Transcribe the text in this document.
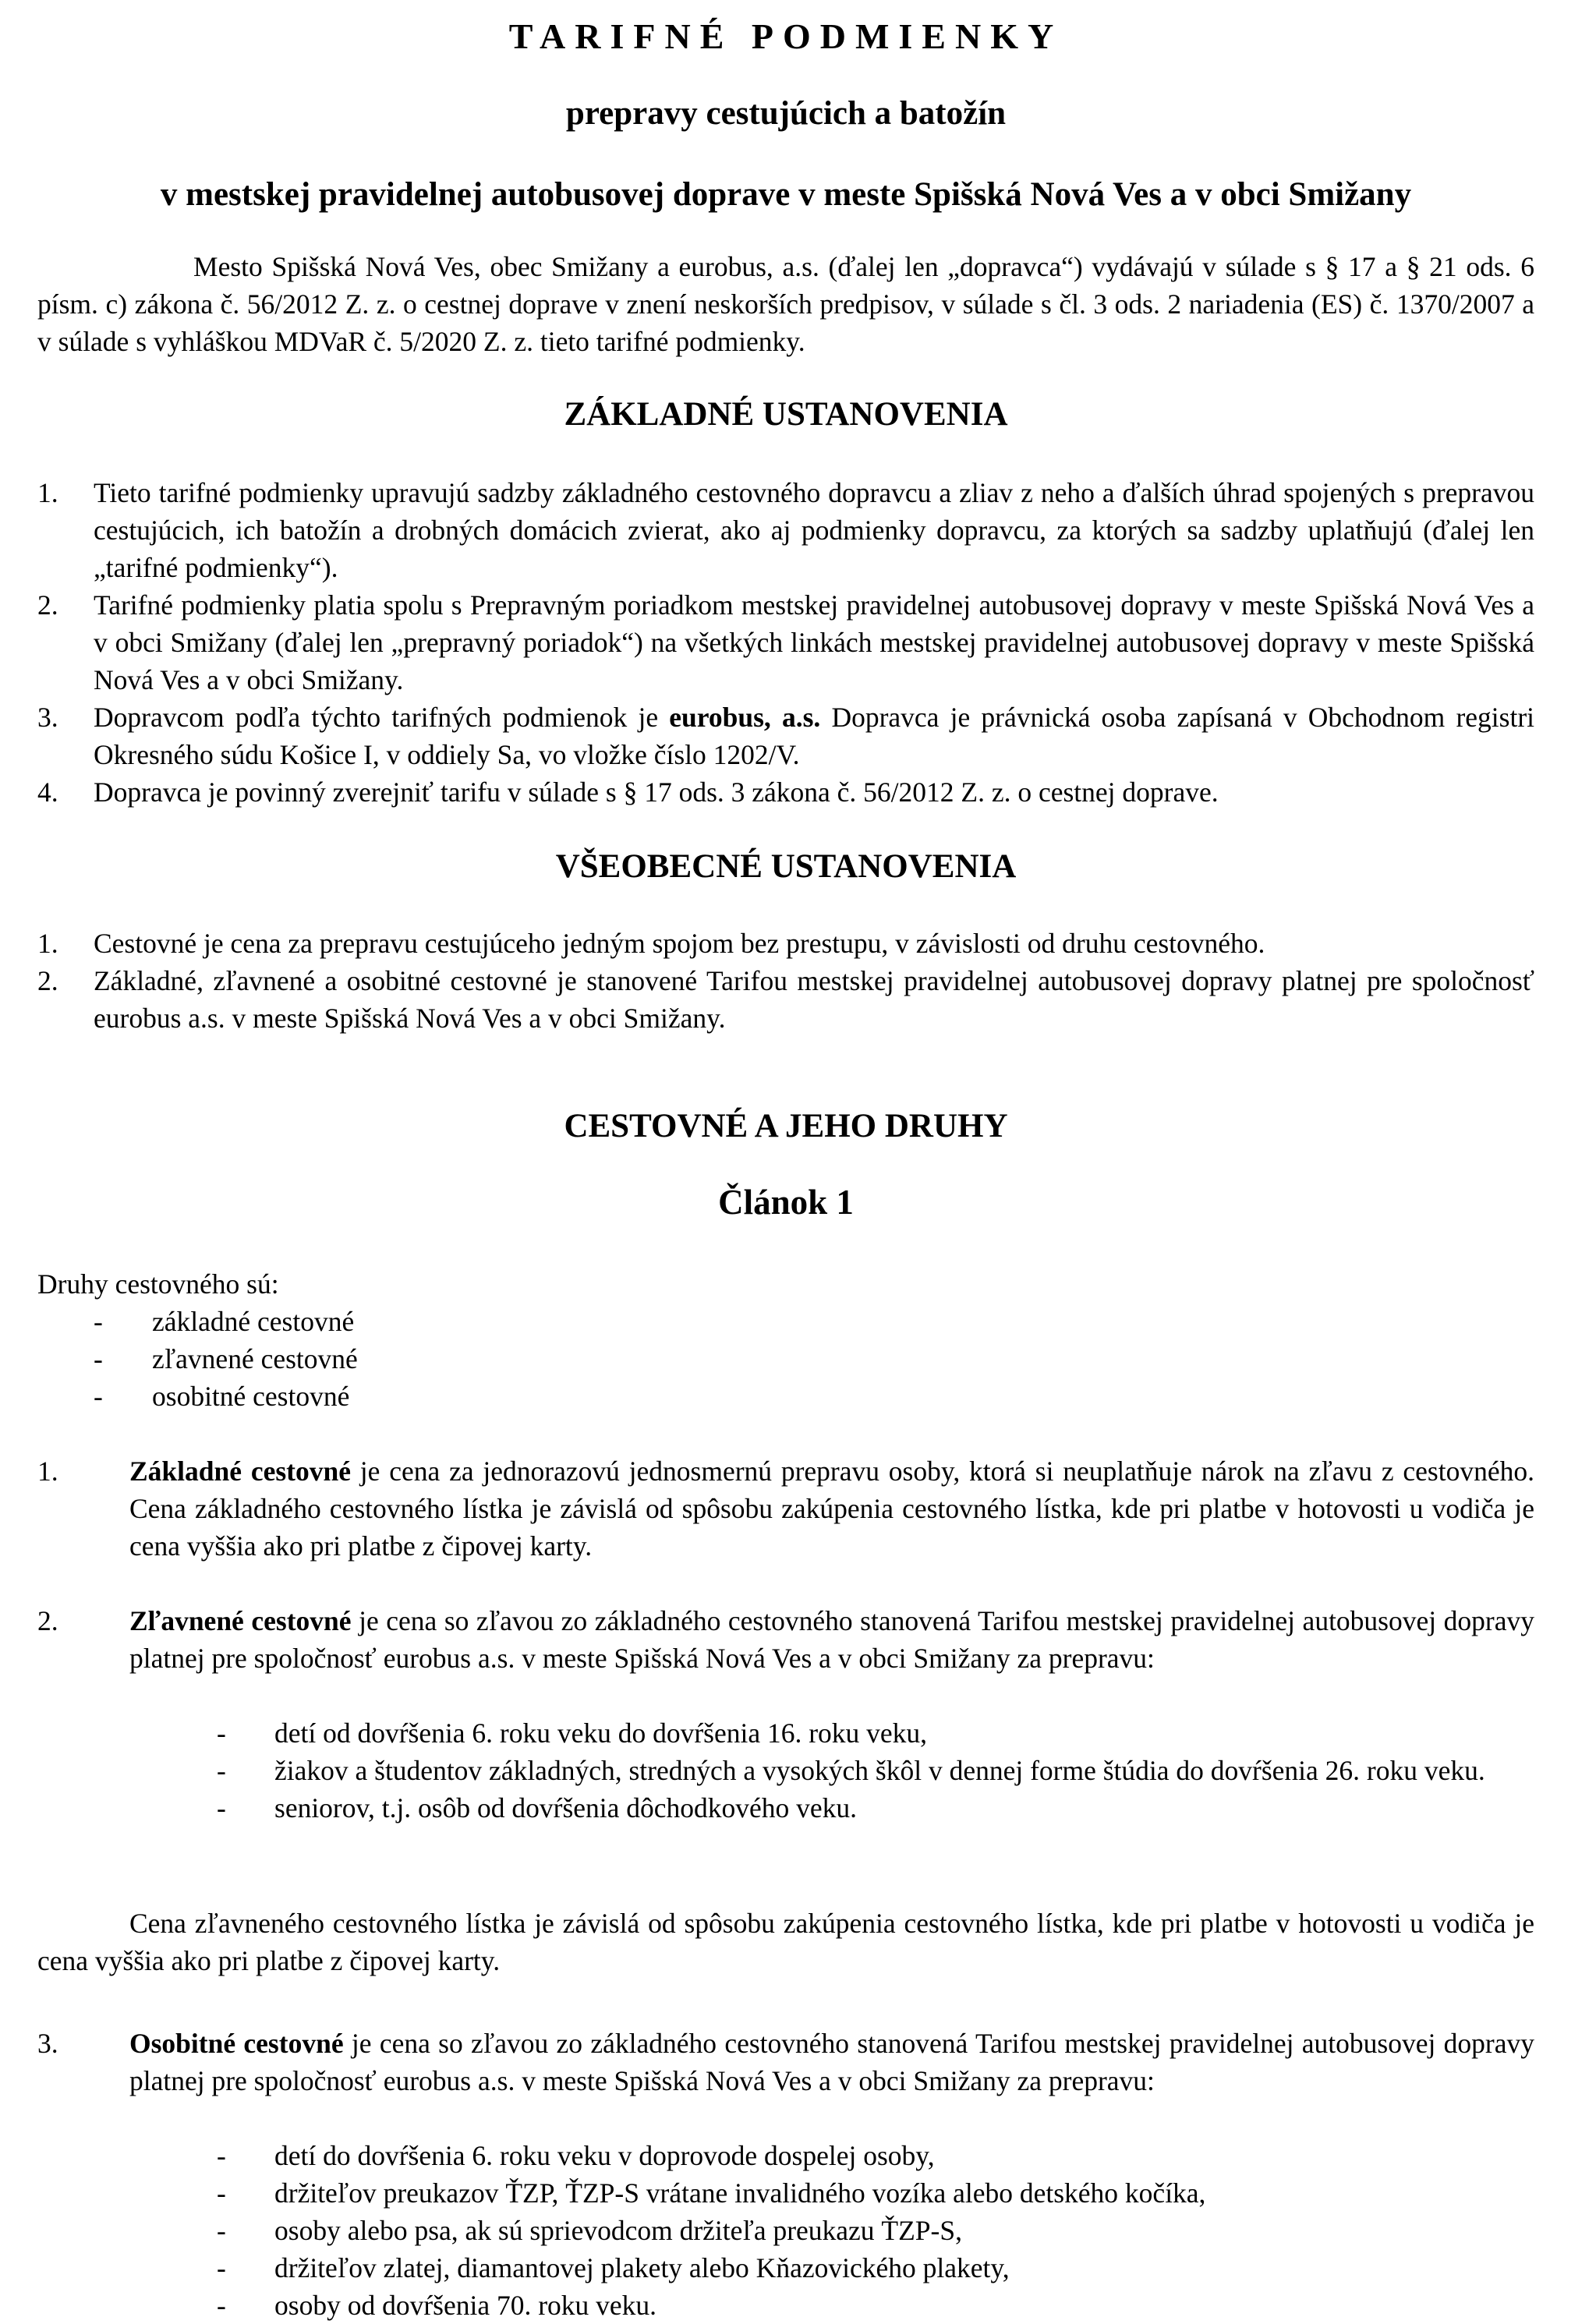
TARIFNÉ PODMIENKY
prepravy cestujúcich a batožín
v mestskej pravidelnej autobusovej doprave v meste Spišská Nová Ves a v obci Smižany

Mesto Spišská Nová Ves, obec Smižany a eurobus, a.s. (ďalej len „dopravca“) vydávajú v súlade s § 17 a § 21 ods. 6 písm. c) zákona č. 56/2012 Z. z. o cestnej doprave v znení neskorších predpisov, v súlade s čl. 3 ods. 2 nariadenia (ES) č. 1370/2007 a v súlade s vyhláškou MDVaR č. 5/2020 Z. z. tieto tarifné podmienky.

ZÁKLADNÉ USTANOVENIA
1. Tieto tarifné podmienky upravujú sadzby základného cestovného dopravcu a zliav z neho a ďalších úhrad spojených s prepravou cestujúcich, ich batožín a drobných domácich zvierat, ako aj podmienky dopravcu, za ktorých sa sadzby uplatňujú (ďalej len „tarifné podmienky“).
2. Tarifné podmienky platia spolu s Prepravným poriadkom mestskej pravidelnej autobusovej dopravy v meste Spišská Nová Ves a v obci Smižany (ďalej len „prepravný poriadok“) na všetkých linkách mestskej pravidelnej autobusovej dopravy v meste Spišská Nová Ves a v obci Smižany.
3. Dopravcom podľa týchto tarifných podmienok je eurobus, a.s. Dopravca je právnická osoba zapísaná v Obchodnom registri Okresného súdu Košice I, v oddiely Sa, vo vložke číslo 1202/V.
4. Dopravca je povinný zverejniť tarifu v súlade s § 17 ods. 3 zákona č. 56/2012 Z. z. o cestnej doprave.
VŠEOBECNÉ USTANOVENIA
1. Cestovné je cena za prepravu cestujúceho jedným spojom bez prestupu, v závislosti od druhu cestovného.
2. Základné, zľavnené a osobitné cestovné je stanovené Tarifou mestskej pravidelnej autobusovej dopravy platnej pre spoločnosť eurobus a.s. v meste Spišská Nová Ves a v obci Smižany.
CESTOVNÉ A JEHO DRUHY
Článok 1
Druhy cestovného sú:
- základné cestovné
- zľavnené cestovné
- osobitné cestovné
1.	Základné cestovné je cena za jednorazovú jednosmernú prepravu osoby, ktorá si neuplatňuje nárok na zľavu z cestovného. Cena základného cestovného lístka je závislá od spôsobu zakúpenia cestovného lístka, kde pri platbe v hotovosti u vodiča je cena vyššia ako pri platbe z čipovej karty.
2.	Zľavnené cestovné je cena so zľavou zo základného cestovného stanovená Tarifou mestskej pravidelnej autobusovej dopravy platnej pre spoločnosť eurobus a.s. v meste Spišská Nová Ves a v obci Smižany za prepravu:
- detí od dovŕšenia 6. roku veku do dovŕšenia 16. roku veku,
- žiakov a študentov základných, stredných a vysokých škôl v dennej forme štúdia do dovŕšenia 26. roku veku.
- seniorov, t.j. osôb od dovŕšenia dôchodkového veku.

Cena zľavneného cestovného lístka je závislá od spôsobu zakúpenia cestovného lístka, kde pri platbe v hotovosti u vodiča je cena vyššia ako pri platbe z čipovej karty.

3.	Osobitné cestovné je cena so zľavou zo základného cestovného stanovená Tarifou mestskej pravidelnej autobusovej dopravy platnej pre spoločnosť eurobus a.s. v meste Spišská Nová Ves a v obci Smižany za prepravu:
- detí do dovŕšenia 6. roku veku v doprovode dospelej osoby,
- držiteľov preukazov ŤZP, ŤZP-S vrátane invalidného vozíka alebo detského kočíka,
- osoby alebo psa, ak sú sprievodcom držiteľa preukazu ŤZP-S,
- držiteľov zlatej, diamantovej plakety alebo Kňazovického plakety,
- osoby od dovŕšenia 70. roku veku.
